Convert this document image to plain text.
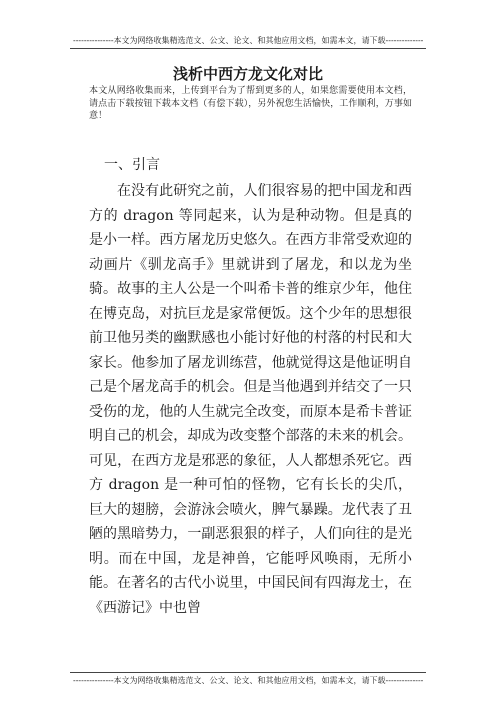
---------------本文为网络收集精选范文、公文、论文、和其他应用文档，如需本文，请下载--------------
浅析中西方龙文化对比
本文从网络收集而来，上传到平台为了帮到更多的人，如果您需要使用本文档，请点击下载按钮下载本文档（有偿下载），另外祝您生活愉快，工作顺利，万事如意！
一、引言
在没有此研究之前，人们很容易的把中国龙和西方的 dragon 等同起来，认为是种动物。但是真的是小一样。西方屠龙历史悠久。在西方非常受欢迎的动画片《驯龙高手》里就讲到了屠龙，和以龙为坐骑。故事的主人公是一个叫希卡普的维京少年，他住在博克岛，对抗巨龙是家常便饭。这个少年的思想很前卫他另类的幽默感也小能讨好他的村落的村民和大家长。他参加了屠龙训练营，他就觉得这是他证明自己是个屠龙高手的机会。但是当他遇到并结交了一只受伤的龙，他的人生就完全改变，而原本是希卡普证明自己的机会，却成为改变整个部落的未来的机会。可见，在西方龙是邪恶的象征，人人都想杀死它。西方 dragon 是一种可怕的怪物，它有长长的尖爪，巨大的翅膀，会游泳会喷火，脾气暴躁。龙代表了丑陋的黑暗势力，一副恶狠狠的样子，人们向往的是光明。而在中国，龙是神兽，它能呼风唤雨，无所小能。在著名的古代小说里，中国民间有四海龙士，在《西游记》中也曾
---------------本文为网络收集精选范文、公文、论文、和其他应用文档，如需本文，请下载--------------
